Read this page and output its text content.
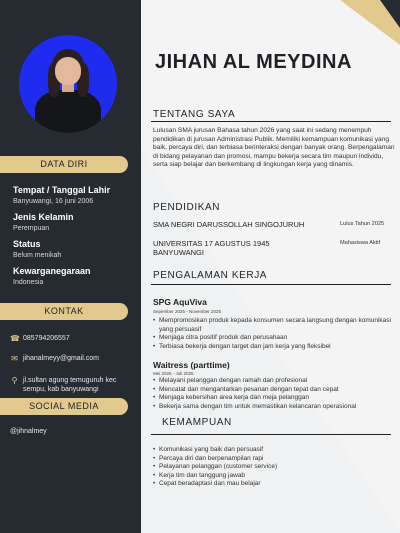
DATA DIRI
Tempat / Tanggal Lahir
Banyuwangi, 16 juni 2006
Jenis Kelamin
Perempuan
Status
Belum menikah
Kewarganegaraan
Indonesia
KONTAK
☎ 085794206557
✉ jihanalmeyy@gmail.com
⚲ jl.sultan agung temuguruh kec sempu, kab banyuwangi
SOCIAL MEDIA
@jihnalmey
JIHAN AL MEYDINA
TENTANG SAYA
Lulusan SMA jurusan Bahasa tahun 2026 yang saat ini sedang menempuh pendidikan di jurusan Administrasi Publik. Memiliki kemampuan komunikasi yang baik, percaya diri, dan terbiasa berinteraksi dengan banyak orang. Berpengalaman di bidang pelayanan dan promosi, mampu bekerja secara tim maupun individu, serta siap belajar dan berkembang di lingkungan kerja yang dinamis.
PENDIDIKAN
SMA NEGRI DARUSSOLLAH SINGOJURUH	Lulus Tahun 2025
UNIVERSITAS 17 AGUSTUS 1945 BANYUWANGI
Mahasiswa Aktif
PENGALAMAN KERJA
SPG AquViva
Sepember 2025 - November 2025
• Mempromosikan produk kepada konsumen secara langsung dengan komunikasi yang persuasif
• Menjaga citra positif produk dan perusahaan
• Terbiasa bekerja dengan target dan jam kerja yang fleksibel
Waitress (parttime)
Mei 2025 - Juli 2025
• Melayani pelanggan dengan ramah dan profesional
• Mencatat dan mengantarkan pesanan dengan tepat dan cepat
• Menjaga kebersihan area kerja dan meja pelanggan
• Bekerja sama dengan tim untuk memastikan kelancaran operasional
KEMAMPUAN
• Komunikasi yang baik dan persuasif
• Percaya diri dan berpenampilan rapi
• Pelayanan pelanggan (customer service)
• Kerja tim dan tanggung jawab
• Cepat beradaptasi dan mau belajar
